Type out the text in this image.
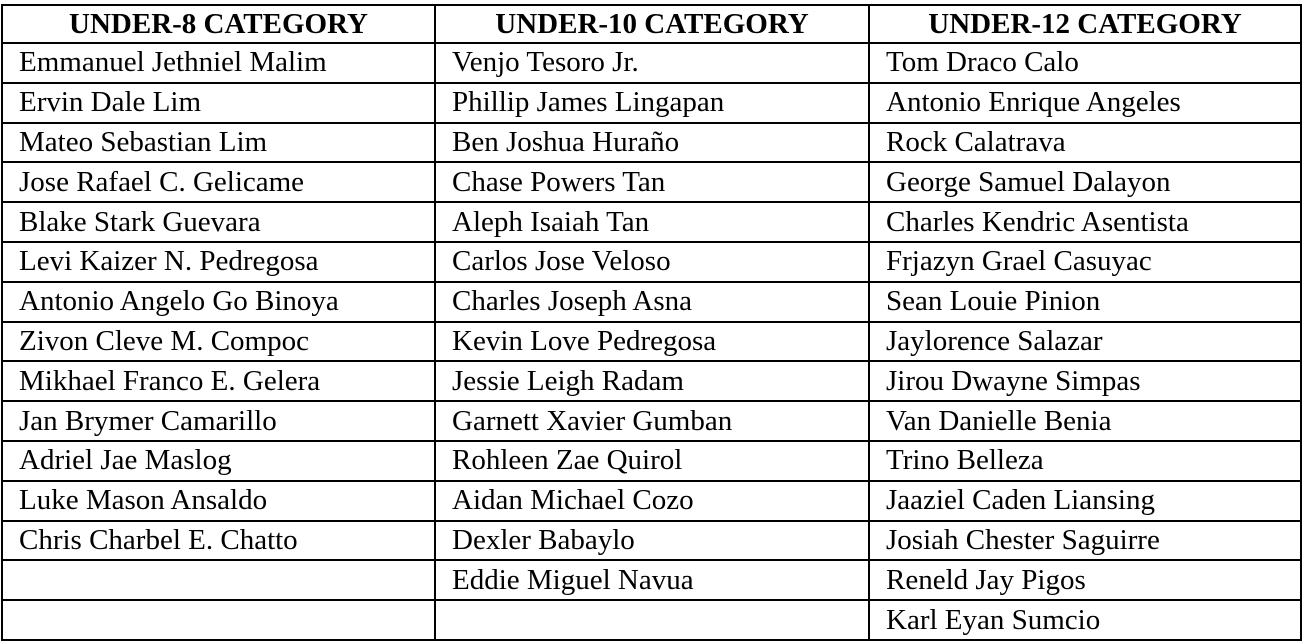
UNDER-8 CATEGORY	UNDER-10 CATEGORY	UNDER-12 CATEGORY
Emmanuel Jethniel Malim	Venjo Tesoro Jr.	Tom Draco Calo
Ervin Dale Lim	Phillip James Lingapan	Antonio Enrique Angeles
Mateo Sebastian Lim	Ben Joshua Huraño	Rock Calatrava
Jose Rafael C. Gelicame	Chase Powers Tan	George Samuel Dalayon
Blake Stark Guevara	Aleph Isaiah Tan	Charles Kendric Asentista
Levi Kaizer N. Pedregosa	Carlos Jose Veloso	Frjazyn Grael Casuyac
Antonio Angelo Go Binoya	Charles Joseph Asna	Sean Louie Pinion
Zivon Cleve M. Compoc	Kevin Love Pedregosa	Jaylorence Salazar
Mikhael Franco E. Gelera	Jessie Leigh Radam	Jirou Dwayne Simpas
Jan Brymer Camarillo	Garnett Xavier Gumban	Van Danielle Benia
Adriel Jae Maslog	Rohleen Zae Quirol	Trino Belleza
Luke Mason Ansaldo	Aidan Michael Cozo	Jaaziel Caden Liansing
Chris Charbel E. Chatto	Dexler Babaylo	Josiah Chester Saguirre
	Eddie Miguel Navua	Reneld Jay Pigos
		Karl Eyan Sumcio
